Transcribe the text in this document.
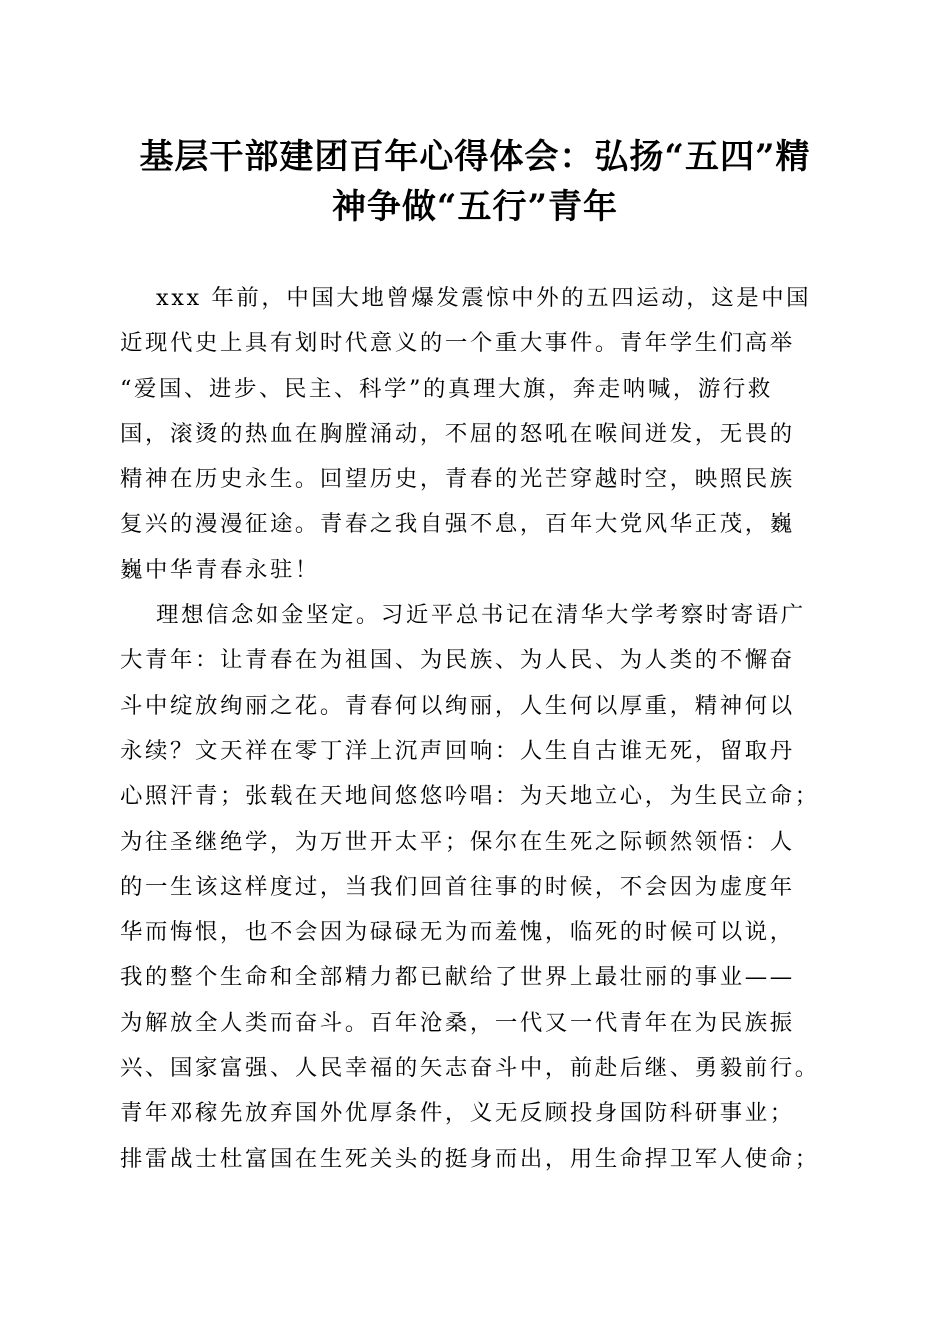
基层干部建团百年心得体会：弘扬“五四”精
神争做“五行”青年
xxx 年前，中国大地曾爆发震惊中外的五四运动，这是中国
近现代史上具有划时代意义的一个重大事件。青年学生们高举
“爱国、进步、民主、科学”的真理大旗，奔走呐喊，游行救
国，滚烫的热血在胸膛涌动，不屈的怒吼在喉间迸发，无畏的
精神在历史永生。回望历史，青春的光芒穿越时空，映照民族
复兴的漫漫征途。青春之我自强不息，百年大党风华正茂，巍
巍中华青春永驻！
理想信念如金坚定。习近平总书记在清华大学考察时寄语广
大青年：让青春在为祖国、为民族、为人民、为人类的不懈奋
斗中绽放绚丽之花。青春何以绚丽，人生何以厚重，精神何以
永续？文天祥在零丁洋上沉声回响：人生自古谁无死，留取丹
心照汗青；张载在天地间悠悠吟唱：为天地立心，为生民立命；
为往圣继绝学，为万世开太平；保尔在生死之际顿然领悟：人
的一生该这样度过，当我们回首往事的时候，不会因为虚度年
华而悔恨，也不会因为碌碌无为而羞愧，临死的时候可以说，
我的整个生命和全部精力都已献给了世界上最壮丽的事业——
为解放全人类而奋斗。百年沧桑，一代又一代青年在为民族振
兴、国家富强、人民幸福的矢志奋斗中，前赴后继、勇毅前行。
青年邓稼先放弃国外优厚条件，义无反顾投身国防科研事业；
排雷战士杜富国在生死关头的挺身而出，用生命捍卫军人使命；
